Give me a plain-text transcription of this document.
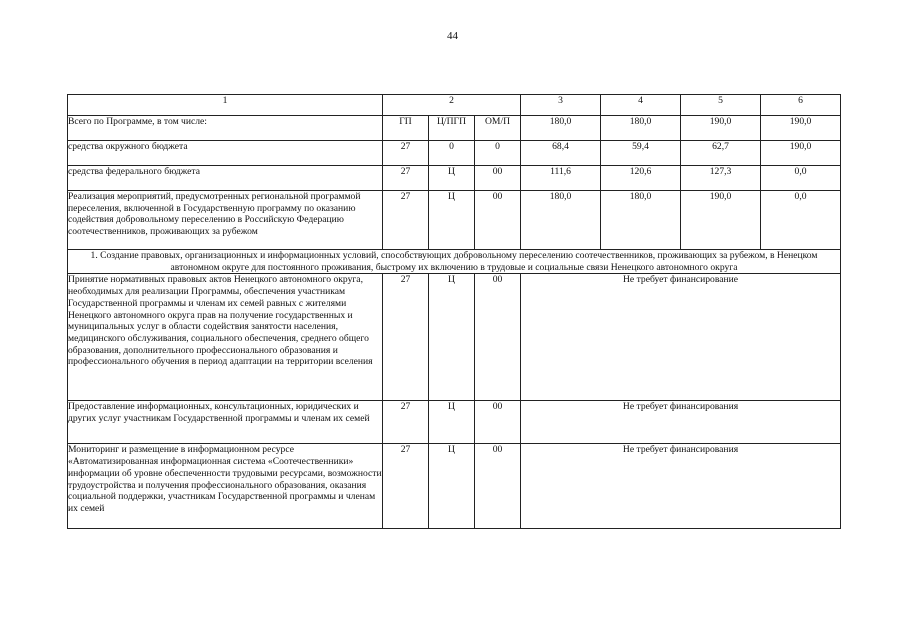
44
1	2			3	4	5	6
Всего по Программе, в том числе:	ГП	Ц/ПГП	ОМ/П	180,0	180,0	190,0	190,0
средства окружного бюджета	27	0	0	68,4	59,4	62,7	190,0
средства федерального бюджета	27	Ц	00	111,6	120,6	127,3	0,0
Реализация мероприятий, предусмотренных региональной программой переселения, включенной в Государственную программу по оказанию содействия добровольному переселению в Российскую Федерацию соотечественников, проживающих за рубежом	27	Ц	00	180,0	180,0	190,0	0,0
1. Создание правовых, организационных и информационных условий, способствующих добровольному переселению соотечественников, проживающих за рубежом, в Ненецком автономном округе для постоянного проживания, быстрому их включению в трудовые и социальные связи Ненецкого автономного округа							
Принятие нормативных правовых актов Ненецкого автономного округа, необходимых для реализации Программы, обеспечения участникам Государственной программы и членам их семей равных с жителями Ненецкого автономного округа прав на получение государственных и муниципальных услуг в области содействия занятости населения, медицинского обслуживания, социального обеспечения, среднего общего образования, дополнительного профессионального образования и профессионального обучения в период адаптации на территории вселения	27	Ц	00	Не требует финансирование			
Предоставление информационных, консультационных, юридических и других услуг участникам Государственной программы и членам их семей	27	Ц	00	Не требует финансирования			
Мониторинг и размещение в информационном ресурсе «Автоматизированная информационная система «Соотечественники» информации об уровне обеспеченности трудовыми ресурсами, возможности трудоустройства и получения профессионального образования, оказания социальной поддержки, участникам Государственной программы и членам их семей	27	Ц	00	Не требует финансирования			
